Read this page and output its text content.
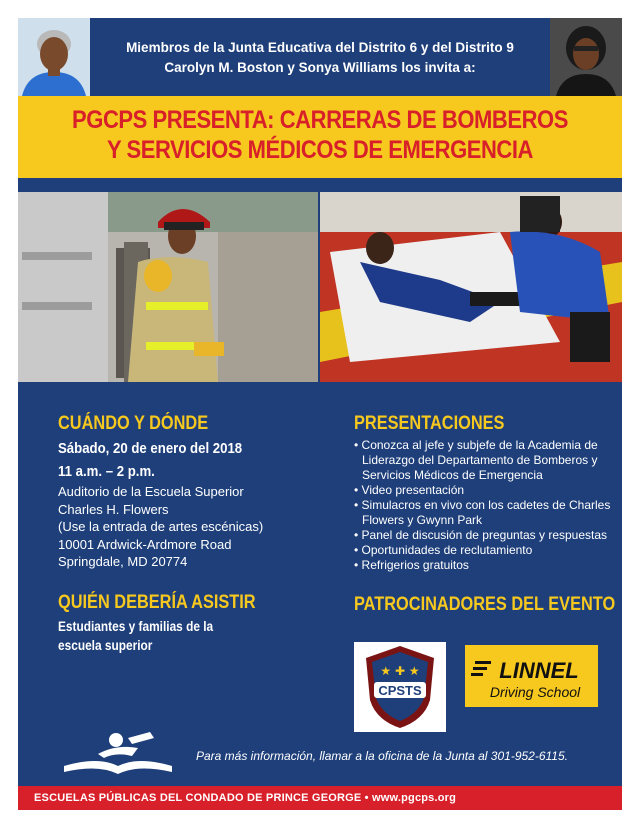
Miembros de la Junta Educativa del Distrito 6 y del Distrito 9
Carolyn M. Boston y Sonya Williams los invita a:
PGCPS PRESENTA: CARRERAS DE BOMBEROS
Y SERVICIOS MÉDICOS DE EMERGENCIA
CUÁNDO Y DÓNDE
Sábado, 20 de enero del 2018
11 a.m. – 2 p.m.
Auditorio de la Escuela Superior
Charles H. Flowers
(Use la entrada de artes escénicas)
10001 Ardwick-Ardmore Road
Springdale, MD 20774
QUIÉN DEBERÍA ASISTIR
Estudiantes y familias de la
escuela superior
PRESENTACIONES
• Conozca al jefe y subjefe de la Academia de Liderazgo del Departamento de Bomberos y Servicios Médicos de Emergencia
• Video presentación
• Simulacros en vivo con los cadetes de Charles Flowers y Gwynn Park
• Panel de discusión de preguntas y respuestas
• Oportunidades de reclutamiento
• Refrigerios gratuitos
PATROCINADORES DEL EVENTO
CPSTS
★ ✚ ★	LINNEL
Driving School
Para más información, llamar a la oficina de la Junta al 301-952-6115.
ESCUELAS PÚBLICAS DEL CONDADO DE PRINCE GEORGE • www.pgcps.org
